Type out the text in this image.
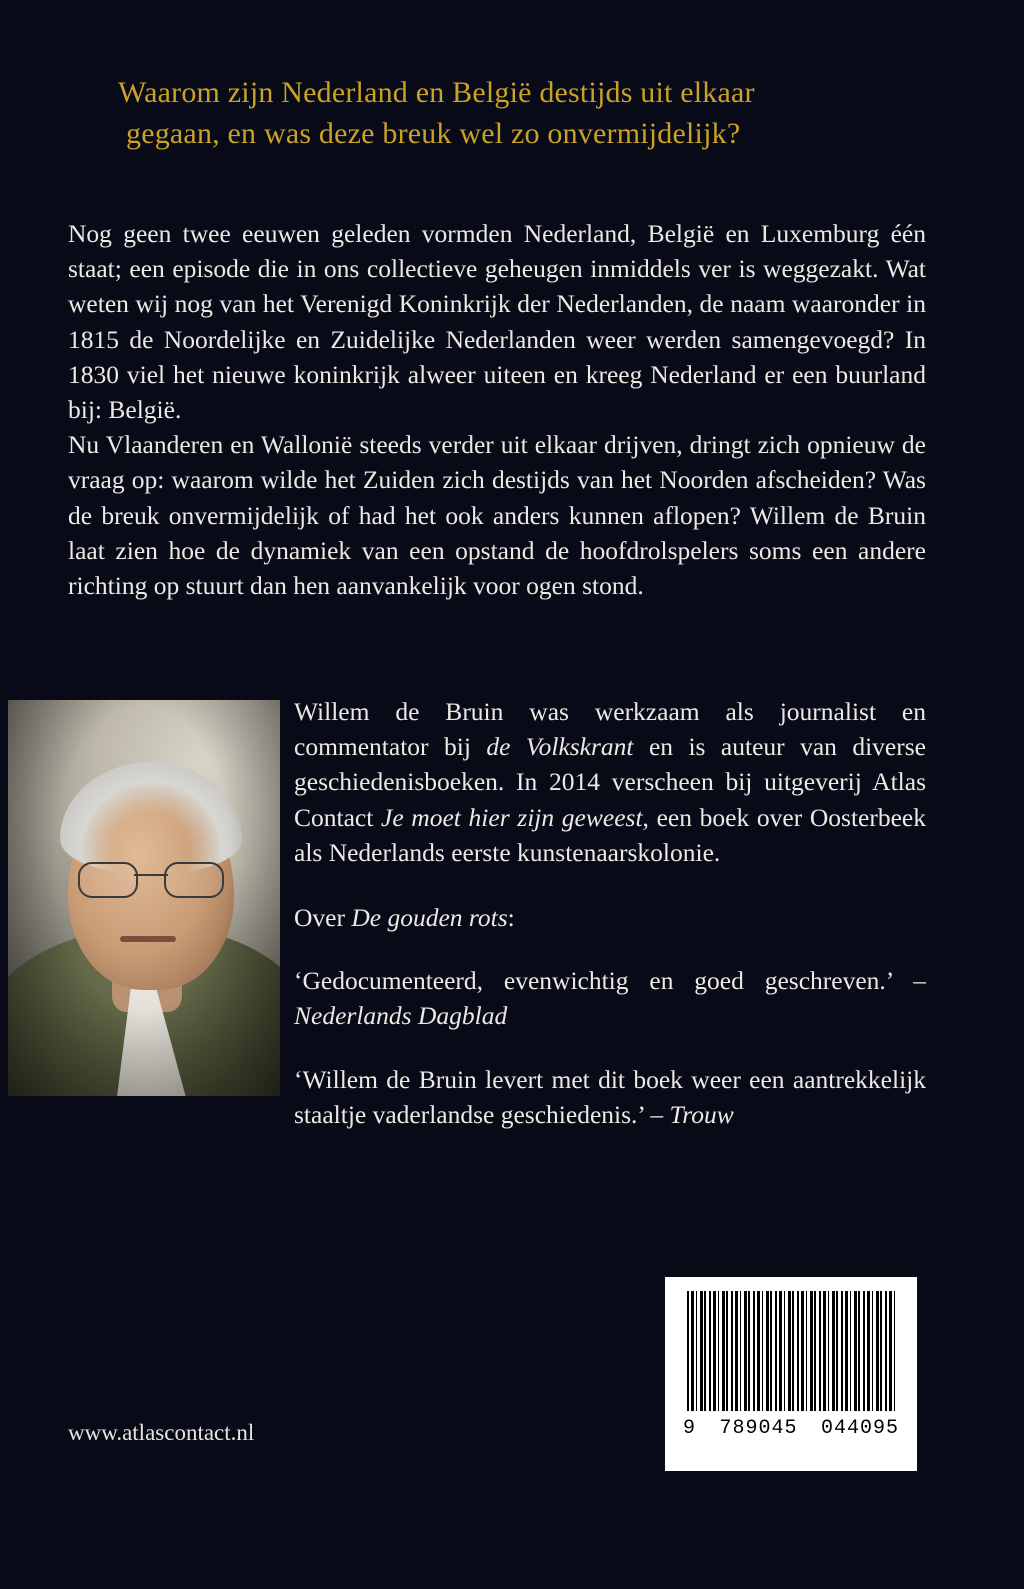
Waarom zijn Nederland en België destijds uit elkaar
gegaan, en was deze breuk wel zo onvermijdelijk?

Nog geen twee eeuwen geleden vormden Nederland, België en Luxemburg één staat; een episode die in ons collectieve geheugen inmiddels ver is weggezakt. Wat weten wij nog van het Verenigd Koninkrijk der Nederlanden, de naam waaronder in 1815 de Noordelijke en Zuidelijke Nederlanden weer werden samengevoegd? In 1830 viel het nieuwe koninkrijk alweer uiteen en kreeg Nederland er een buurland bij: België.

Nu Vlaanderen en Wallonië steeds verder uit elkaar drijven, dringt zich opnieuw de vraag op: waarom wilde het Zuiden zich destijds van het Noorden afscheiden? Was de breuk onvermijdelijk of had het ook anders kunnen aflopen? Willem de Bruin laat zien hoe de dynamiek van een opstand de hoofdrolspelers soms een andere richting op stuurt dan hen aanvankelijk voor ogen stond.

Willem de Bruin was werkzaam als journalist en commentator bij de Volkskrant en is auteur van diverse geschiedenisboeken. In 2014 verscheen bij uitgeverij Atlas Contact Je moet hier zijn geweest, een boek over Oosterbeek als Nederlands eerste kunstenaarskolonie.

Over De gouden rots:

‘Gedocumenteerd, evenwichtig en goed geschreven.’ – Nederlands Dagblad

‘Willem de Bruin levert met dit boek weer een aantrekkelijk staaltje vaderlandse geschiedenis.’ – Trouw

9 789045 044095
www.atlascontact.nl
